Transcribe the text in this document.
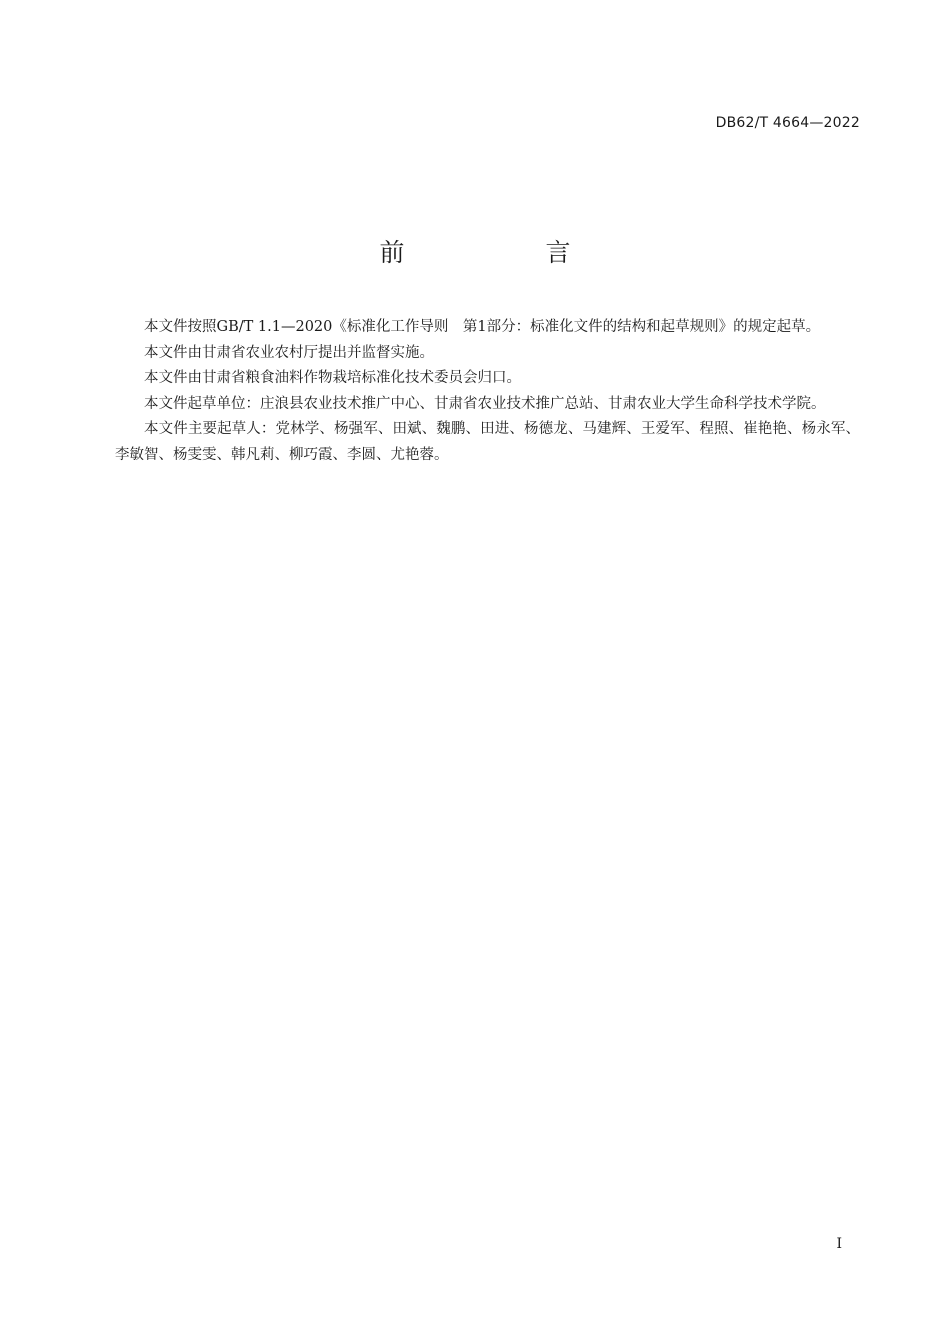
DB62/T 4664—2022
前　言

本文件按照GB/T 1.1—2020《标准化工作导则　第1部分：标准化文件的结构和起草规则》的规定起草。

本文件由甘肃省农业农村厅提出并监督实施。

本文件由甘肃省粮食油料作物栽培标准化技术委员会归口。

本文件起草单位：庄浪县农业技术推广中心、甘肃省农业技术推广总站、甘肃农业大学生命科学技术学院。

本文件主要起草人：党林学、杨强军、田斌、魏鹏、田进、杨德龙、马建辉、王爱军、程照、崔艳艳、杨永军、李敏智、杨雯雯、韩凡莉、柳巧霞、李圆、尤艳蓉。

I
